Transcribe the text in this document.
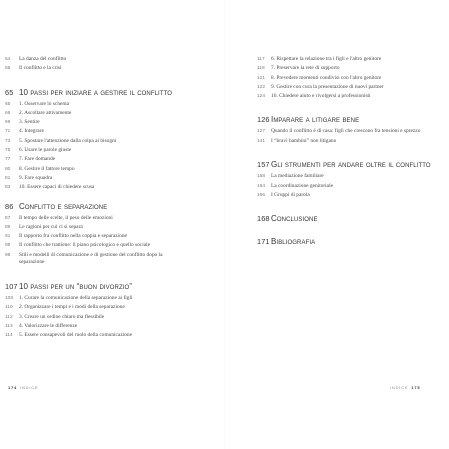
54	La danza del conflitto
59	Il conflitto e la crisi
65 10 passi per iniziare a gestire il conflitto
65	1. Osservare lo schema
66	2. Ascoltare attivamente
69	3. Sentire
71	4. Integrare
73	5. Spostare l'attenzione dalla colpa ai bisogni
75	6. Usare le parole giuste
77	7. Fare domande
80	8. Gestire il fattore tempo
81	9. Fare squadra
83	10. Essere capaci di chiedere scusa
86 Conflitto e separazione
87	Il tempo delle scelte, il peso delle emozioni
89	Le ragioni per cui ci si separa
91	Il rapporto fra conflitto nella coppia e separazione
95	Il conflitto che trattiene: il piano psicologico e quello sociale
98	Stili e modelli di comunicazione e di gestione del conflitto dopo la separazione
107 10 passi per un “buon divorzio”
108	1. Curare la comunicazione della separazione ai figli
110	2. Organizzare i tempi e i modi della separazione
112	3. Creare un ordine chiaro ma flessibile
113	4. Valorizzare le differenze
114	5. Essere consapevoli del ruolo della comunicazione
117	6. Rispettare la relazione tra i figli e l'altro genitore
118	7. Preservare la rete di supporto
121	8. Prevedere momenti condivisi con l'altro genitore
122	9. Gestire con cura la presentazione di nuovi partner
124	10. Chiedere aiuto e rivolgersi a professionisti
126 Imparare a litigare bene
127	Quando il conflitto è di casa: figli che crescono fra tensioni e sprezzo
141	I “bravi bambini” non litigano
157 Gli strumenti per andare oltre il conflitto
158	La mediazione familiare
164	La coordinazione genitoriale
166	I Gruppi di parola
168 Conclusione
171 Bibliografia
174 INDICE	INDICE 175
